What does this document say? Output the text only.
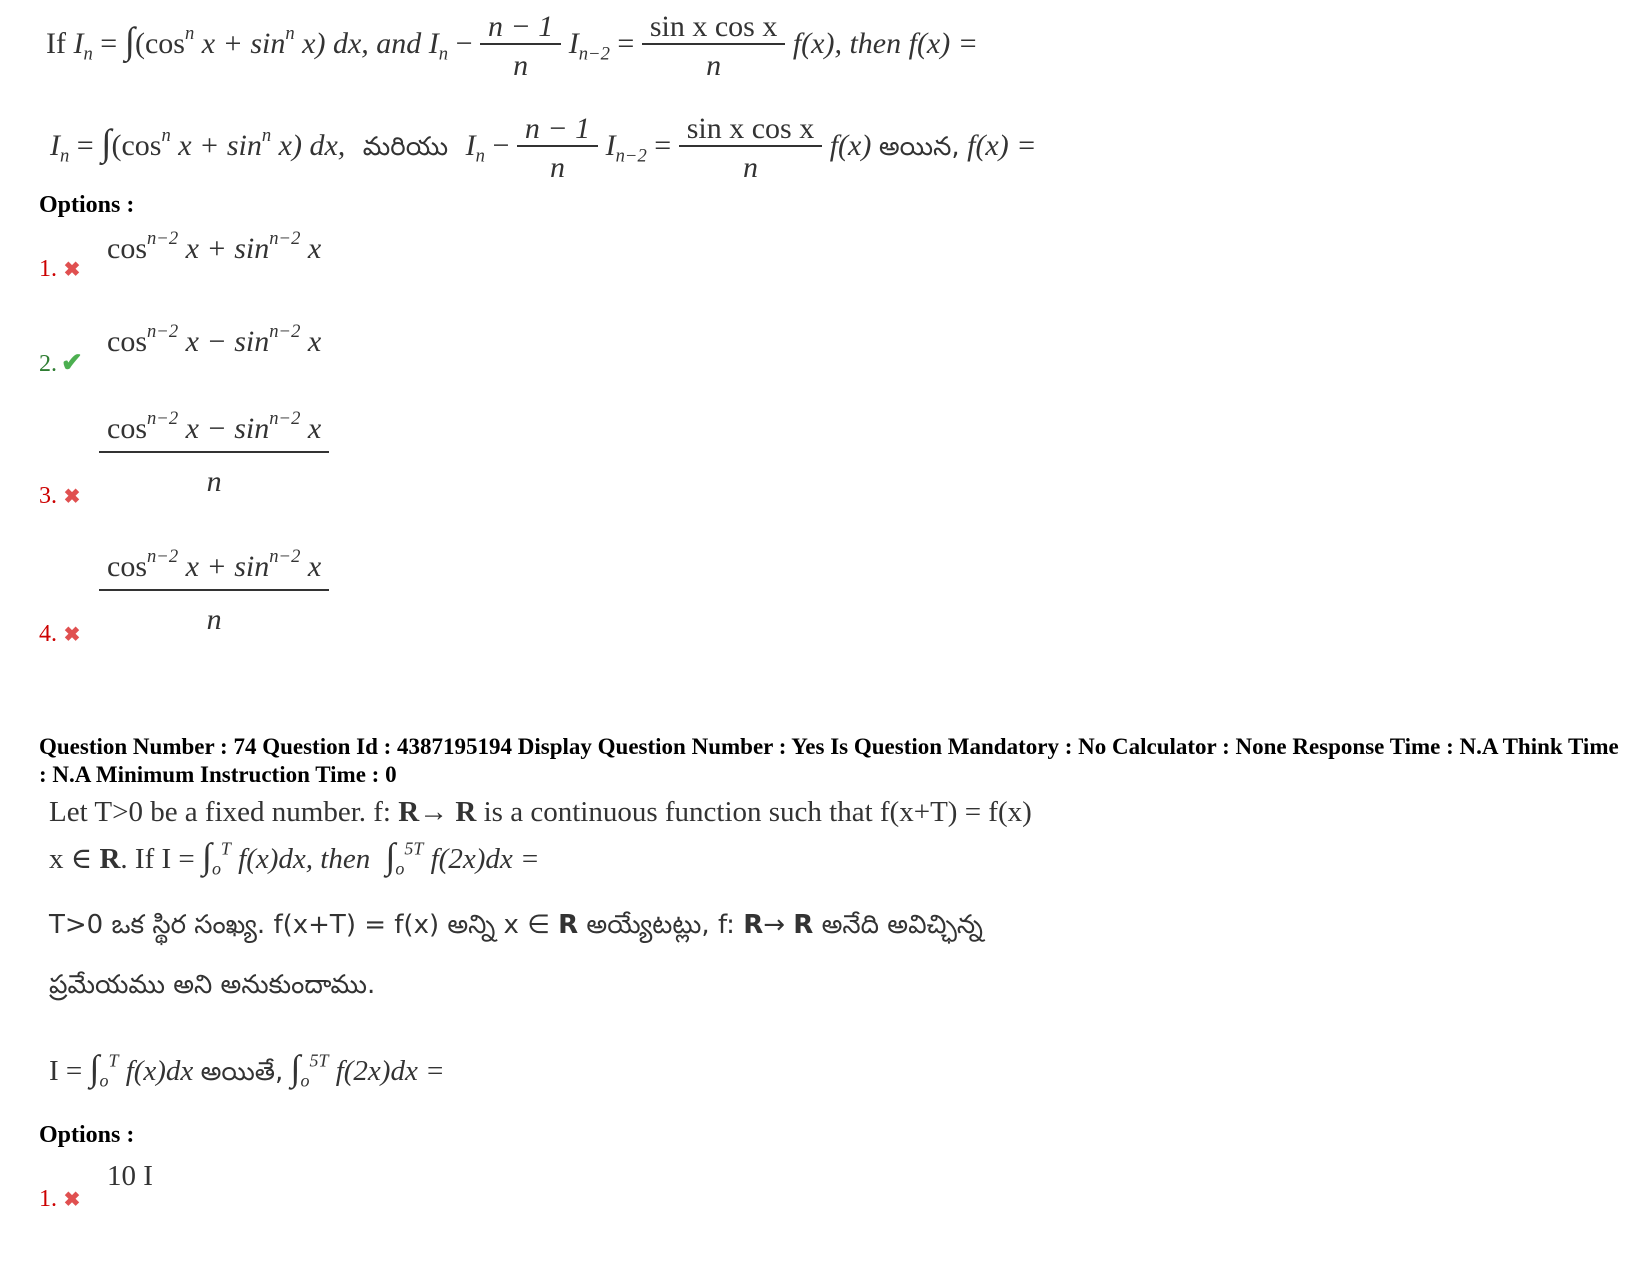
If $I_n = \int(\cos^n$ $x + \sin^n x$) dx, and $I_n - \frac{n - 1}{n} I_{n-2} = \frac{\text{sin x cos x}}{n} f(x)$, then f(x) =
$I_n = \int(\cos^n$ $x + \sin^n x$) dx, మరియు $I_n - \frac{n - 1}{n} I_{n-2} = \frac{\text{sin x cos x}}{n} f(x)$ అయిన, f(x) =
Options :
1. ✖
$\cos^{n-2} x + \sin^{n-2} x$
2. ✔
$\cos^{n-2} x - \sin^{n-2} x$
$\frac{\cos^{n-2} x - \sin^{n-2} x}{n}$
3. ✖
$\frac{\cos^{n-2} x + \sin^{n-2} x}{n}$
4. ✖
Question Number : 74 Question Id : 4387195194 Display Question Number : Yes Is Question Mandatory : No Calculator : None Response Time : N.A Think Time : N.A Minimum Instruction Time : 0
Let T>0 be a fixed number. f: R→ R is a continuous function such that f(x+T) = f(x)
x ∈ R. If $I = \int_o^T$ f(x)dx, then $\int_o^{5T}$ f(2x)dx =
T>0 ఒక స్థిర సంఖ్య. f(x+T) = f(x) అన్ని x ∈ R అయ్యేటట్లు, f: R→ R అనేది అవిచ్ఛిన్న
ప్రమేయము అని అనుకుందాము.
$I = \int_o^T$ f(x)dx అయితే, $\int_o^{5T}$ f(2x)dx =
Options :
10 I
1. ✖
